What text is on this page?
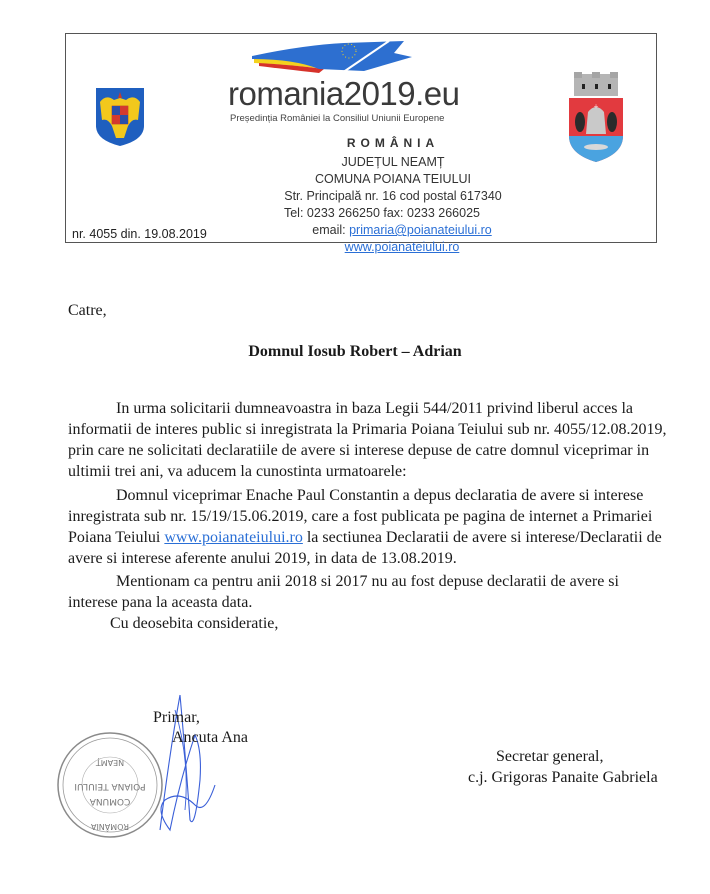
romania2019.eu
Președinția României la Consiliul Uniunii Europene
ROMÂNIA
JUDEȚUL NEAMȚ
COMUNA POIANA TEIULUI
Str. Principală nr. 16 cod postal 617340
Tel: 0233 266250 fax: 0233 266025
email: primaria@poianateiului.ro
www.poianateiului.ro
nr. 4055 din. 19.08.2019
+
Catre,
Domnul Iosub Robert – Adrian
In urma solicitarii dumneavoastra in baza Legii 544/2011 privind liberul acces la informatii de interes public si inregistrata la Primaria Poiana Teiului sub nr. 4055/12.08.2019, prin care ne solicitati declaratiile de avere si interese depuse de catre domnul viceprimar in ultimii trei ani, va aducem la cunostinta urmatoarele:
Domnul viceprimar Enache Paul Constantin a depus declaratia de avere si interese inregistrata sub nr. 15/19/15.06.2019, care a fost publicata pe pagina de internet a Primariei Poiana Teiului www.poianateiului.ro la sectiunea Declaratii de avere si interese/Declaratii de avere si interese aferente anului 2019, in data de 13.08.2019.
Mentionam ca pentru anii 2018 si 2017 nu au fost depuse declaratii de avere si interese pana la aceasta data.
Cu deosebita consideratie,
NEAMȚ
POIANA TEIULUI
COMUNA
ROMÂNIA
Primar,
Ancuta Ana
Secretar general,
c.j. Grigoras Panaite Gabriela
